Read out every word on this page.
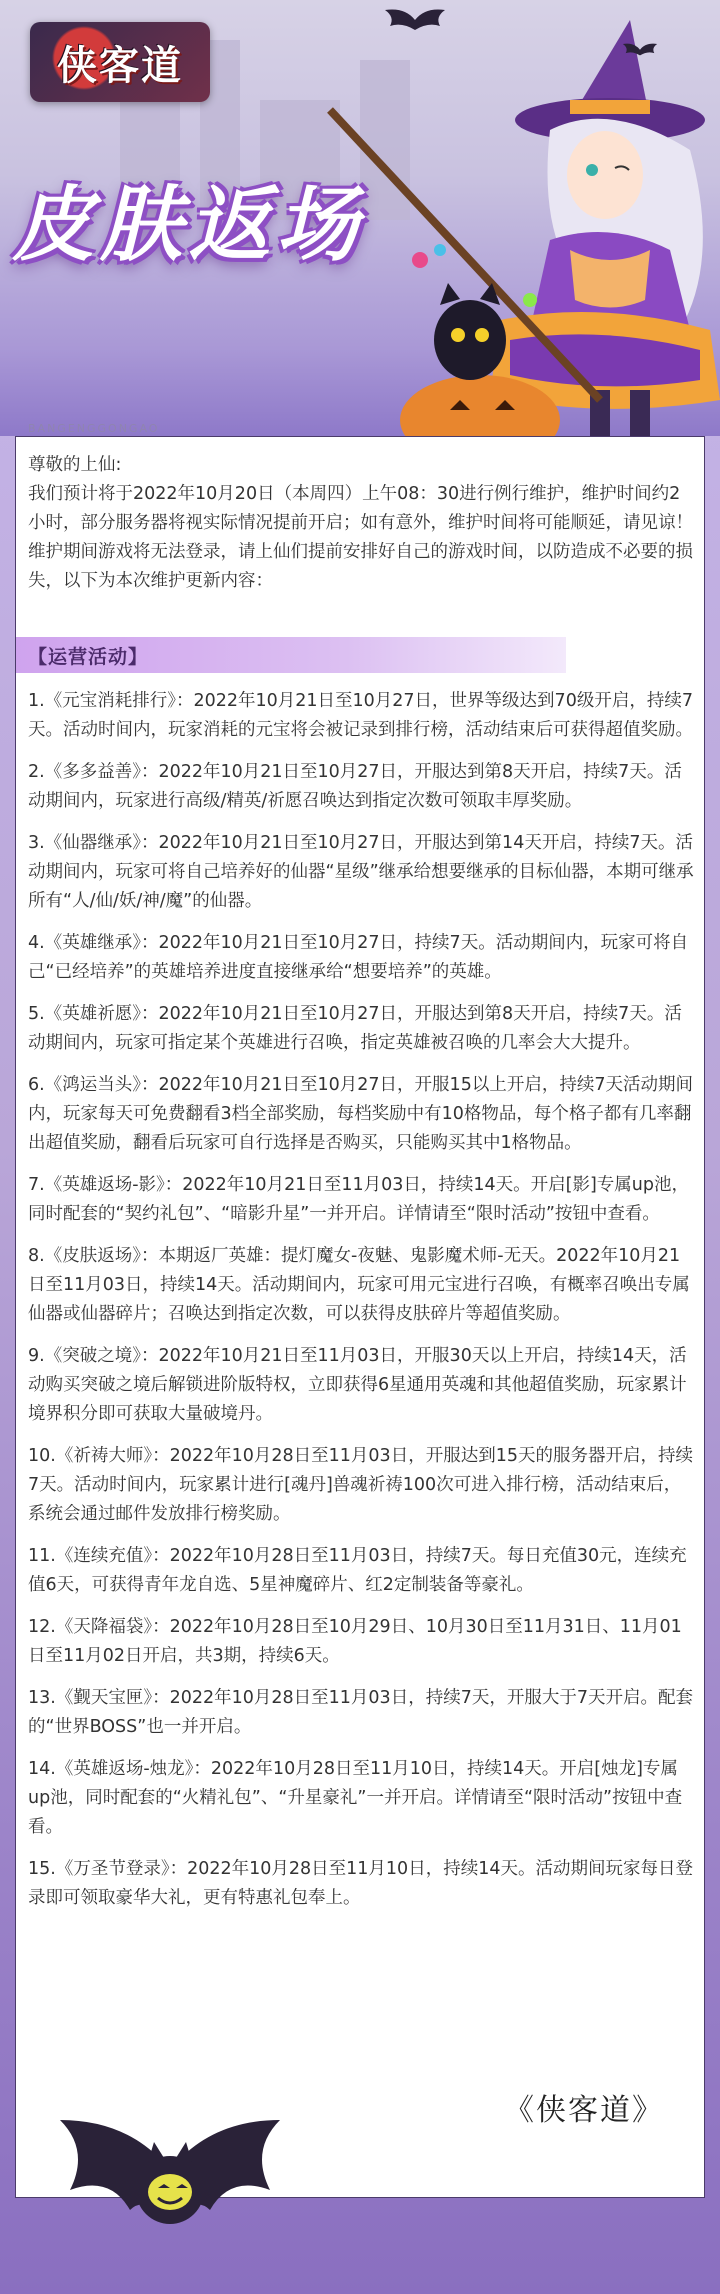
侠客道
皮肤返场
BANGENGGONGAO

尊敬的上仙:

我们预计将于2022年10月20日（本周四）上午08：30进行例行维护，维护时间约2小时，部分服务器将视实际情况提前开启；如有意外，维护时间将可能顺延，请见谅！维护期间游戏将无法登录，请上仙们提前安排好自己的游戏时间，以防造成不必要的损失，以下为本次维护更新内容：

【运营活动】

1.《元宝消耗排行》：2022年10月21日至10月27日，世界等级达到70级开启，持续7天。活动时间内，玩家消耗的元宝将会被记录到排行榜，活动结束后可获得超值奖励。

2.《多多益善》：2022年10月21日至10月27日，开服达到第8天开启，持续7天。活动期间内，玩家进行高级/精英/祈愿召唤达到指定次数可领取丰厚奖励。

3.《仙器继承》：2022年10月21日至10月27日，开服达到第14天开启，持续7天。活动期间内，玩家可将自己培养好的仙器“星级”继承给想要继承的目标仙器，本期可继承所有“人/仙/妖/神/魔”的仙器。

4.《英雄继承》：2022年10月21日至10月27日，持续7天。活动期间内，玩家可将自己“已经培养”的英雄培养进度直接继承给“想要培养”的英雄。

5.《英雄祈愿》：2022年10月21日至10月27日，开服达到第8天开启，持续7天。活动期间内，玩家可指定某个英雄进行召唤，指定英雄被召唤的几率会大大提升。

6.《鸿运当头》：2022年10月21日至10月27日，开服15以上开启，持续7天活动期间内，玩家每天可免费翻看3档全部奖励，每档奖励中有10格物品，每个格子都有几率翻出超值奖励，翻看后玩家可自行选择是否购买，只能购买其中1格物品。

7.《英雄返场-影》：2022年10月21日至11月03日，持续14天。开启[影]专属up池，同时配套的“契约礼包”、“暗影升星”一并开启。详情请至“限时活动”按钮中查看。

8.《皮肤返场》：本期返厂英雄：提灯魔女-夜魅、鬼影魔术师-无天。2022年10月21日至11月03日，持续14天。活动期间内，玩家可用元宝进行召唤，有概率召唤出专属仙器或仙器碎片；召唤达到指定次数，可以获得皮肤碎片等超值奖励。

9.《突破之境》：2022年10月21日至11月03日，开服30天以上开启，持续14天，活动购买突破之境后解锁进阶版特权，立即获得6星通用英魂和其他超值奖励，玩家累计境界积分即可获取大量破境丹。

10.《祈祷大师》：2022年10月28日至11月03日，开服达到15天的服务器开启，持续7天。活动时间内，玩家累计进行[魂丹]兽魂祈祷100次可进入排行榜，活动结束后，系统会通过邮件发放排行榜奖励。

11.《连续充值》：2022年10月28日至11月03日，持续7天。每日充值30元，连续充值6天，可获得青年龙自选、5星神魔碎片、红2定制装备等豪礼。

12.《天降福袋》：2022年10月28日至10月29日、10月30日至11月31日、11月01日至11月02日开启，共3期，持续6天。

13.《觐天宝匣》：2022年10月28日至11月03日，持续7天，开服大于7天开启。配套的“世界BOSS”也一并开启。

14.《英雄返场-烛龙》：2022年10月28日至11月10日，持续14天。开启[烛龙]专属up池，同时配套的“火精礼包”、“升星豪礼”一并开启。详情请至“限时活动”按钮中查看。

15.《万圣节登录》：2022年10月28日至11月10日，持续14天。活动期间玩家每日登录即可领取豪华大礼，更有特惠礼包奉上。

《侠客道》
